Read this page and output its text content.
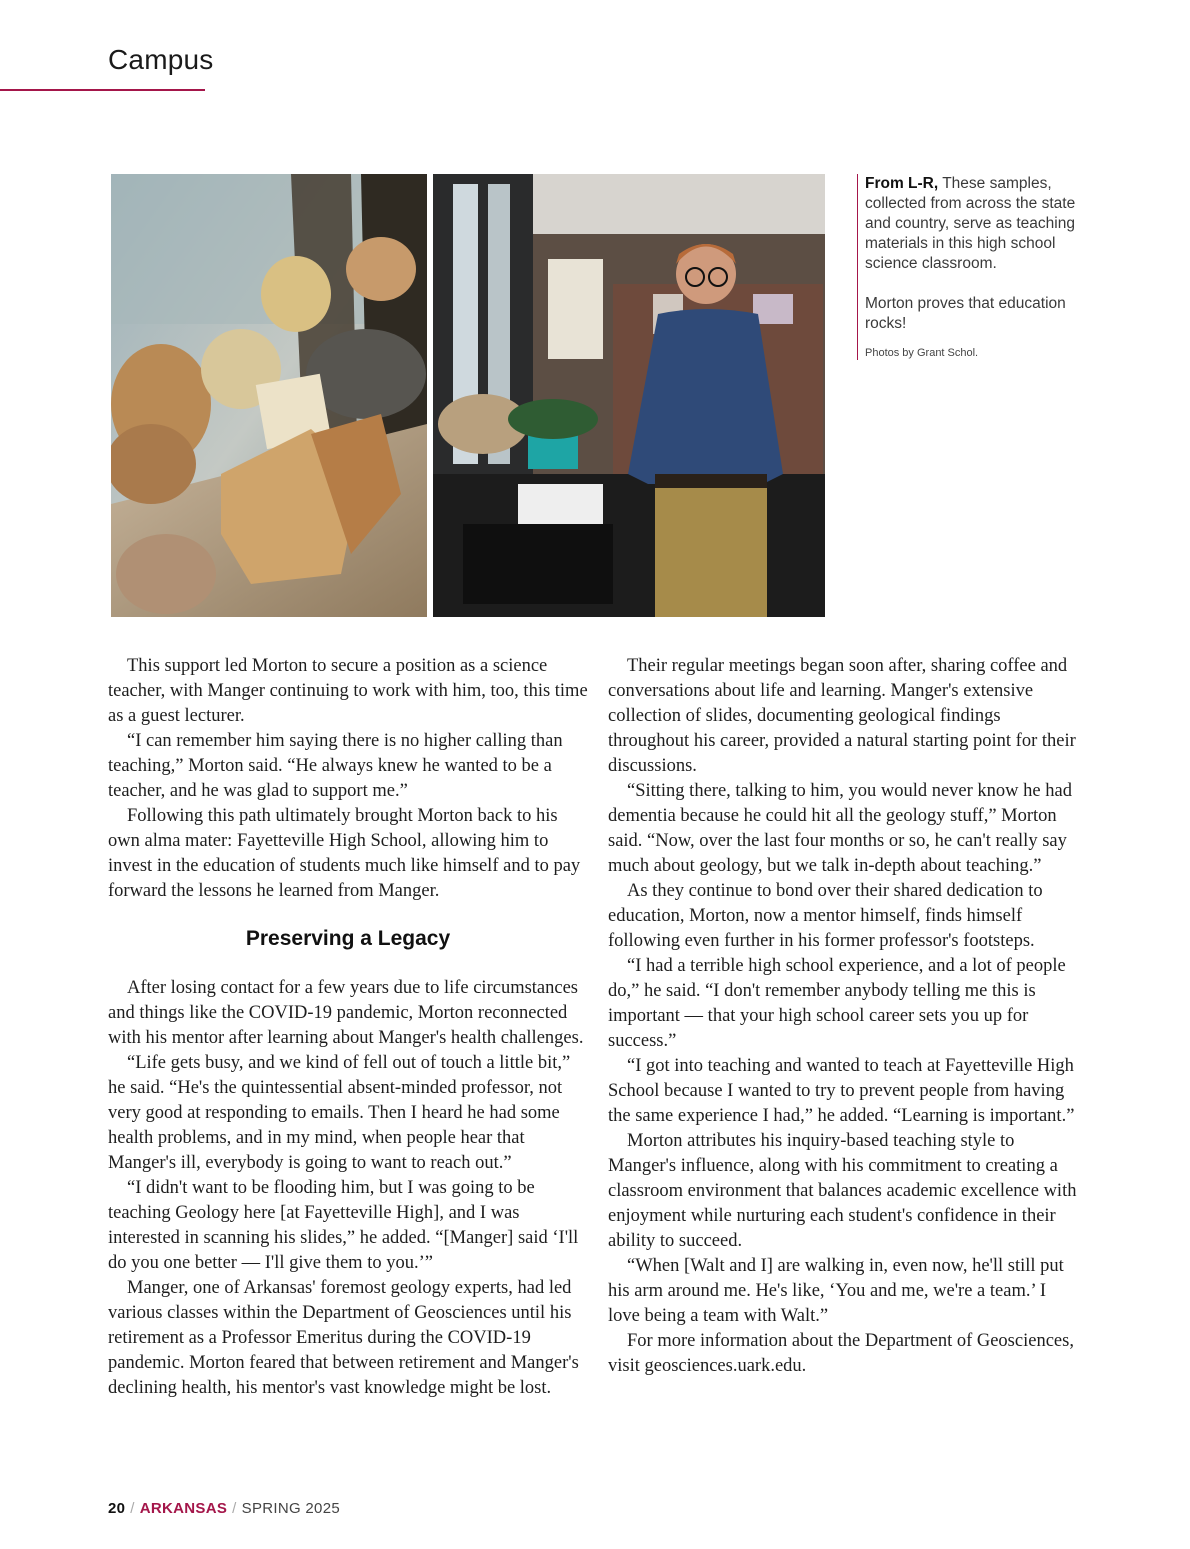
Campus

From L-R, These samples, collected from across the state and country, serve as teaching materials in this high school science classroom.

Morton proves that education rocks!

Photos by Grant Schol.

This support led Morton to secure a position as a science teacher, with Manger continuing to work with him, too, this time as a guest lecturer.

“I can remember him saying there is no higher calling than teaching,” Morton said. “He always knew he wanted to be a teacher, and he was glad to support me.”

Following this path ultimately brought Morton back to his own alma mater: Fayetteville High School, allowing him to invest in the education of students much like himself and to pay forward the lessons he learned from Manger.

Preserving a Legacy

After losing contact for a few years due to life circumstances and things like the COVID-19 pandemic, Morton reconnected with his mentor after learning about Manger's health challenges.

“Life gets busy, and we kind of fell out of touch a little bit,” he said. “He's the quintessential absent-minded professor, not very good at responding to emails. Then I heard he had some health problems, and in my mind, when people hear that Manger's ill, everybody is going to want to reach out.”

“I didn't want to be flooding him, but I was going to be teaching Geology here [at Fayetteville High], and I was interested in scanning his slides,” he added. “[Manger] said ‘I'll do you one better — I'll give them to you.’”

Manger, one of Arkansas' foremost geology experts, had led various classes within the Department of Geosciences until his retirement as a Professor Emeritus during the COVID-19 pandemic. Morton feared that between retirement and Manger's declining health, his mentor's vast knowledge might be lost.

Their regular meetings began soon after, sharing coffee and conversations about life and learning. Manger's extensive collection of slides, documenting geological findings throughout his career, provided a natural starting point for their discussions.

“Sitting there, talking to him, you would never know he had dementia because he could hit all the geology stuff,” Morton said. “Now, over the last four months or so, he can't really say much about geology, but we talk in-depth about teaching.”

As they continue to bond over their shared dedication to education, Morton, now a mentor himself, finds himself following even further in his former professor's footsteps.

“I had a terrible high school experience, and a lot of people do,” he said. “I don't remember anybody telling me this is important — that your high school career sets you up for success.”

“I got into teaching and wanted to teach at Fayetteville High School because I wanted to try to prevent people from having the same experience I had,” he added. “Learning is important.”

Morton attributes his inquiry-based teaching style to Manger's influence, along with his commitment to creating a classroom environment that balances academic excellence with enjoyment while nurturing each student's confidence in their ability to succeed.

“When [Walt and I] are walking in, even now, he'll still put his arm around me. He's like, ‘You and me, we're a team.’ I love being a team with Walt.”

For more information about the Department of Geosciences, visit geosciences.uark.edu.

20 / ARKANSAS / SPRING 2025
